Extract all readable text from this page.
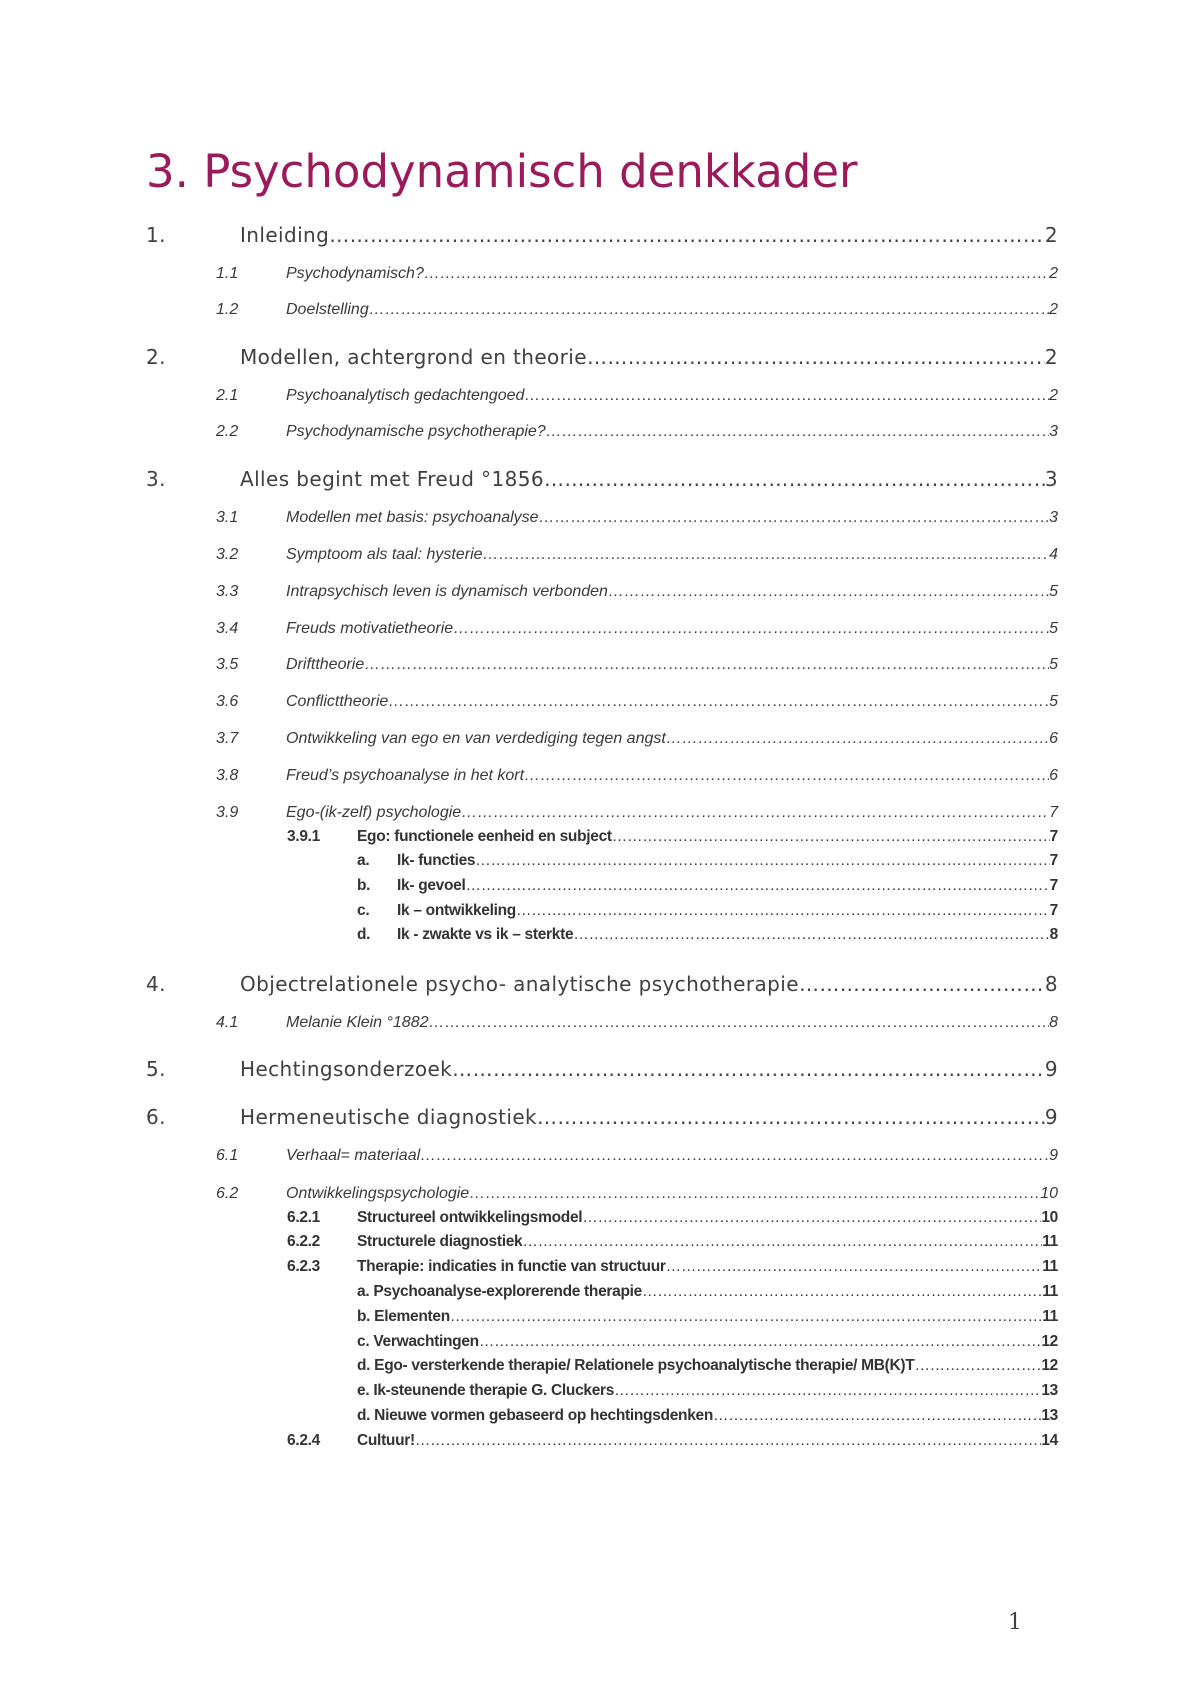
3. Psychodynamisch denkkader
1.	Inleiding ……………………………………………………………………………………………………………………………	2
1.1	Psychodynamisch? …………………………………………………………………………………………………………………………………………………………………………………………………………………	2
1.2	Doelstelling …………………………………………………………………………………………………………………………………………………………………………………………………………………	2
2.	Modellen, achtergrond en theorie ……………………………………………………………………………………………………………………………	2
2.1	Psychoanalytisch gedachtengoed …………………………………………………………………………………………………………………………………………………………………………………………………………………	2
2.2	Psychodynamische psychotherapie? …………………………………………………………………………………………………………………………………………………………………………………………………………………	3
3.	Alles begint met Freud °1856 ……………………………………………………………………………………………………………………………	3
3.1	Modellen met basis: psychoanalyse …………………………………………………………………………………………………………………………………………………………………………………………………………………	3
3.2	Symptoom als taal: hysterie …………………………………………………………………………………………………………………………………………………………………………………………………………………	4
3.3	Intrapsychisch leven is dynamisch verbonden …………………………………………………………………………………………………………………………………………………………………………………………………………………	5
3.4	Freuds motivatietheorie …………………………………………………………………………………………………………………………………………………………………………………………………………………	5
3.5	Drifttheorie …………………………………………………………………………………………………………………………………………………………………………………………………………………	5
3.6	Conflicttheorie …………………………………………………………………………………………………………………………………………………………………………………………………………………	5
3.7	Ontwikkeling van ego en van verdediging tegen angst …………………………………………………………………………………………………………………………………………………………………………………………………………………	6
3.8	Freud’s psychoanalyse in het kort …………………………………………………………………………………………………………………………………………………………………………………………………………………	6
3.9	Ego-(ik-zelf) psychologie …………………………………………………………………………………………………………………………………………………………………………………………………………………	7
3.9.1	Ego: functionele eenheid en subject …………………………………………………………………………………………………………………………………………………………………………………………………………………	7
a.	Ik- functies …………………………………………………………………………………………………………………………………………………………………………………………………………………	7
b.	Ik- gevoel …………………………………………………………………………………………………………………………………………………………………………………………………………………	7
c.	Ik – ontwikkeling …………………………………………………………………………………………………………………………………………………………………………………………………………………	7
d.	Ik - zwakte vs ik – sterkte …………………………………………………………………………………………………………………………………………………………………………………………………………………	8
4.	Objectrelationele psycho- analytische psychotherapie ……………………………………………………………………………………………………………………………	8
4.1	Melanie Klein °1882 …………………………………………………………………………………………………………………………………………………………………………………………………………………	8
5.	Hechtingsonderzoek ……………………………………………………………………………………………………………………………	9
6.	Hermeneutische diagnostiek ……………………………………………………………………………………………………………………………	9
6.1	Verhaal= materiaal …………………………………………………………………………………………………………………………………………………………………………………………………………………	9
6.2	Ontwikkelingspsychologie …………………………………………………………………………………………………………………………………………………………………………………………………………………	10
6.2.1	Structureel ontwikkelingsmodel …………………………………………………………………………………………………………………………………………………………………………………………………………………	10
6.2.2	Structurele diagnostiek …………………………………………………………………………………………………………………………………………………………………………………………………………………	11
6.2.3	Therapie: indicaties in functie van structuur …………………………………………………………………………………………………………………………………………………………………………………………………………………	11
a. Psychoanalyse-explorerende therapie …………………………………………………………………………………………………………………………………………………………………………………………………………………	11
b. Elementen …………………………………………………………………………………………………………………………………………………………………………………………………………………	11
c. Verwachtingen …………………………………………………………………………………………………………………………………………………………………………………………………………………	12
d. Ego- versterkende therapie/ Relationele psychoanalytische therapie/ MB(K)T …………………………………………………………………………………………………………………………………………………………………………………………………………………	12
e. Ik-steunende therapie G. Cluckers …………………………………………………………………………………………………………………………………………………………………………………………………………………	13
d. Nieuwe vormen gebaseerd op hechtingsdenken …………………………………………………………………………………………………………………………………………………………………………………………………………………	13
6.2.4	Cultuur! …………………………………………………………………………………………………………………………………………………………………………………………………………………	14
1
